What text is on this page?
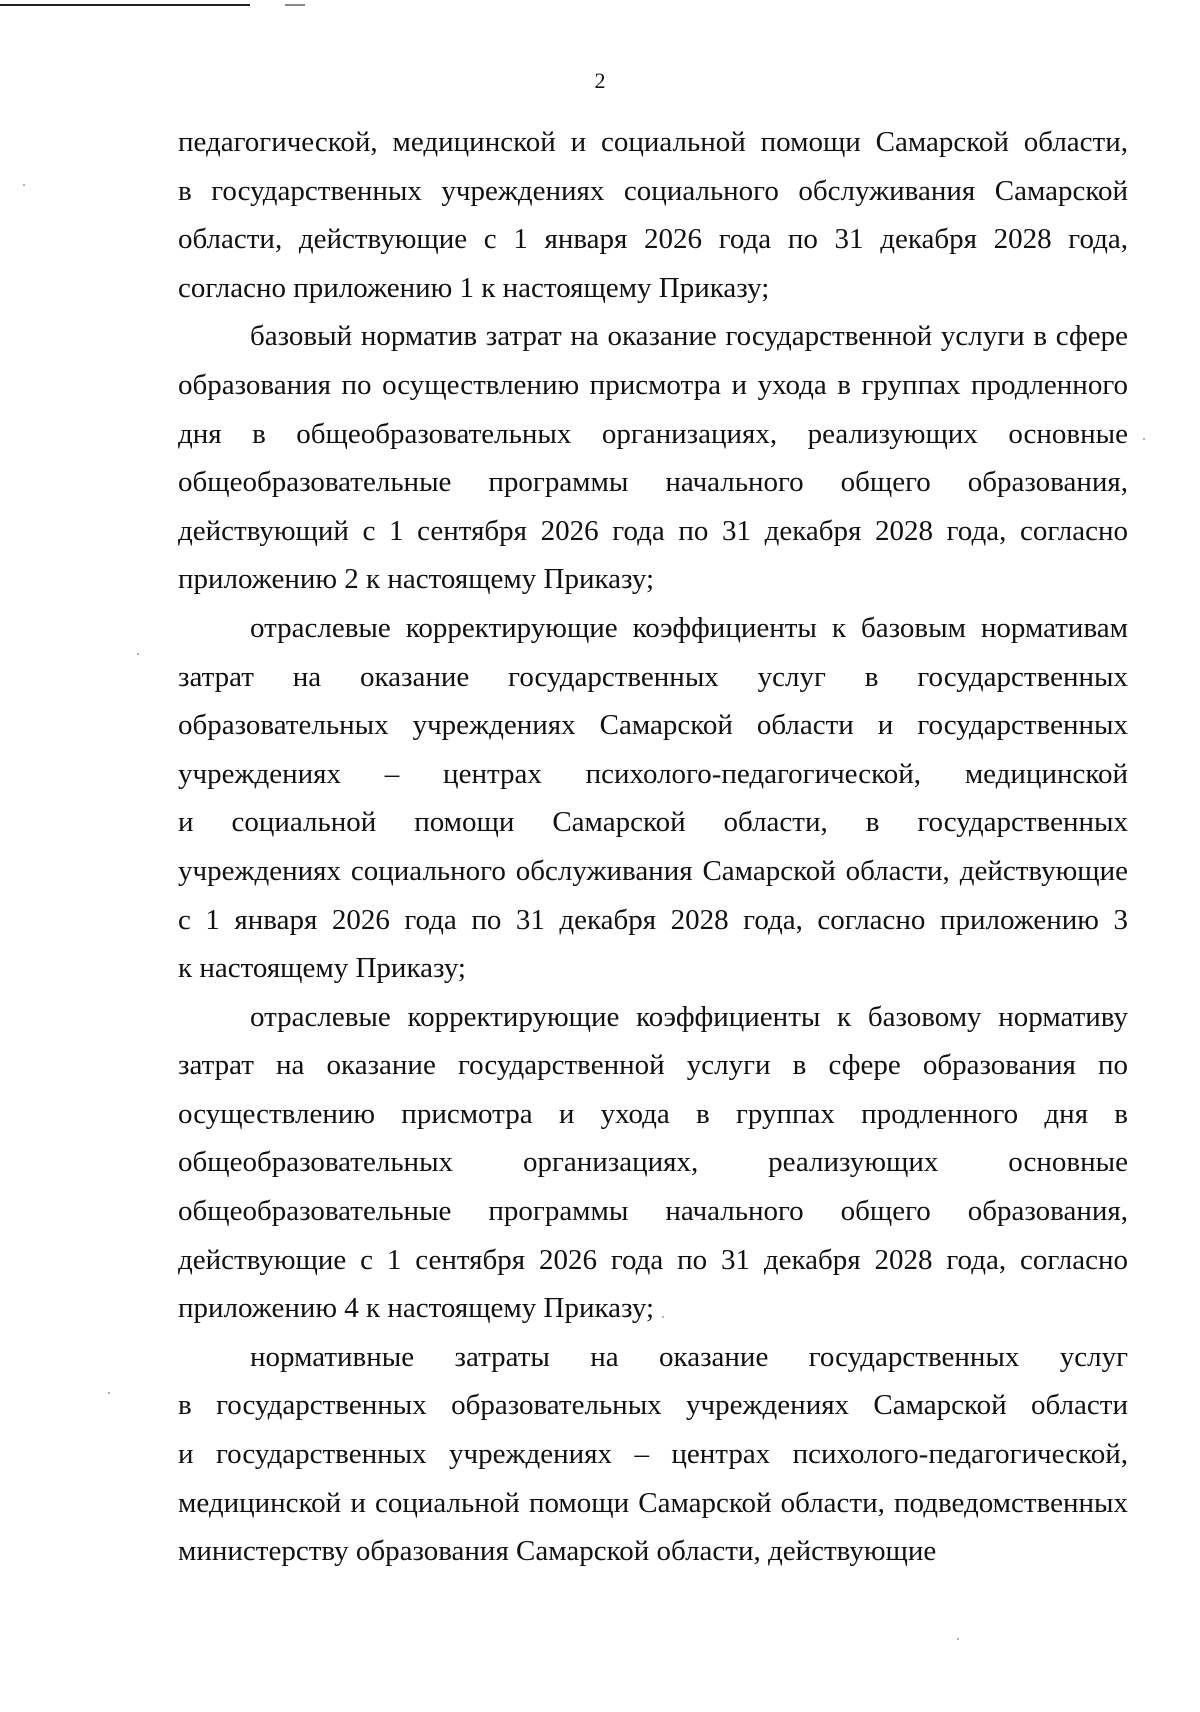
2
педагогической, медицинской и социальной помощи Самарской области,
в государственных учреждениях социального обслуживания Самарской
области, действующие с 1 января 2026 года по 31 декабря 2028 года,
согласно приложению 1 к настоящему Приказу;
базовый норматив затрат на оказание государственной услуги в сфере
образования по осуществлению присмотра и ухода в группах продленного
дня в общеобразовательных организациях, реализующих основные
общеобразовательные программы начального общего образования,
действующий с 1 сентября 2026 года по 31 декабря 2028 года, согласно
приложению 2 к настоящему Приказу;
отраслевые корректирующие коэффициенты к базовым нормативам
затрат на оказание государственных услуг в государственных
образовательных учреждениях Самарской области и государственных
учреждениях – центрах психолого-педагогической, медицинской
и социальной помощи Самарской области, в государственных
учреждениях социального обслуживания Самарской области, действующие
с 1 января 2026 года по 31 декабря 2028 года, согласно приложению 3
к настоящему Приказу;
отраслевые корректирующие коэффициенты к базовому нормативу
затрат на оказание государственной услуги в сфере образования по
осуществлению присмотра и ухода в группах продленного дня в
общеобразовательных организациях, реализующих основные
общеобразовательные программы начального общего образования,
действующие с 1 сентября 2026 года по 31 декабря 2028 года, согласно
приложению 4 к настоящему Приказу;
нормативные затраты на оказание государственных услуг
в государственных образовательных учреждениях Самарской области
и государственных учреждениях – центрах психолого-педагогической,
медицинской и социальной помощи Самарской области, подведомственных
министерству образования Самарской области, действующие
